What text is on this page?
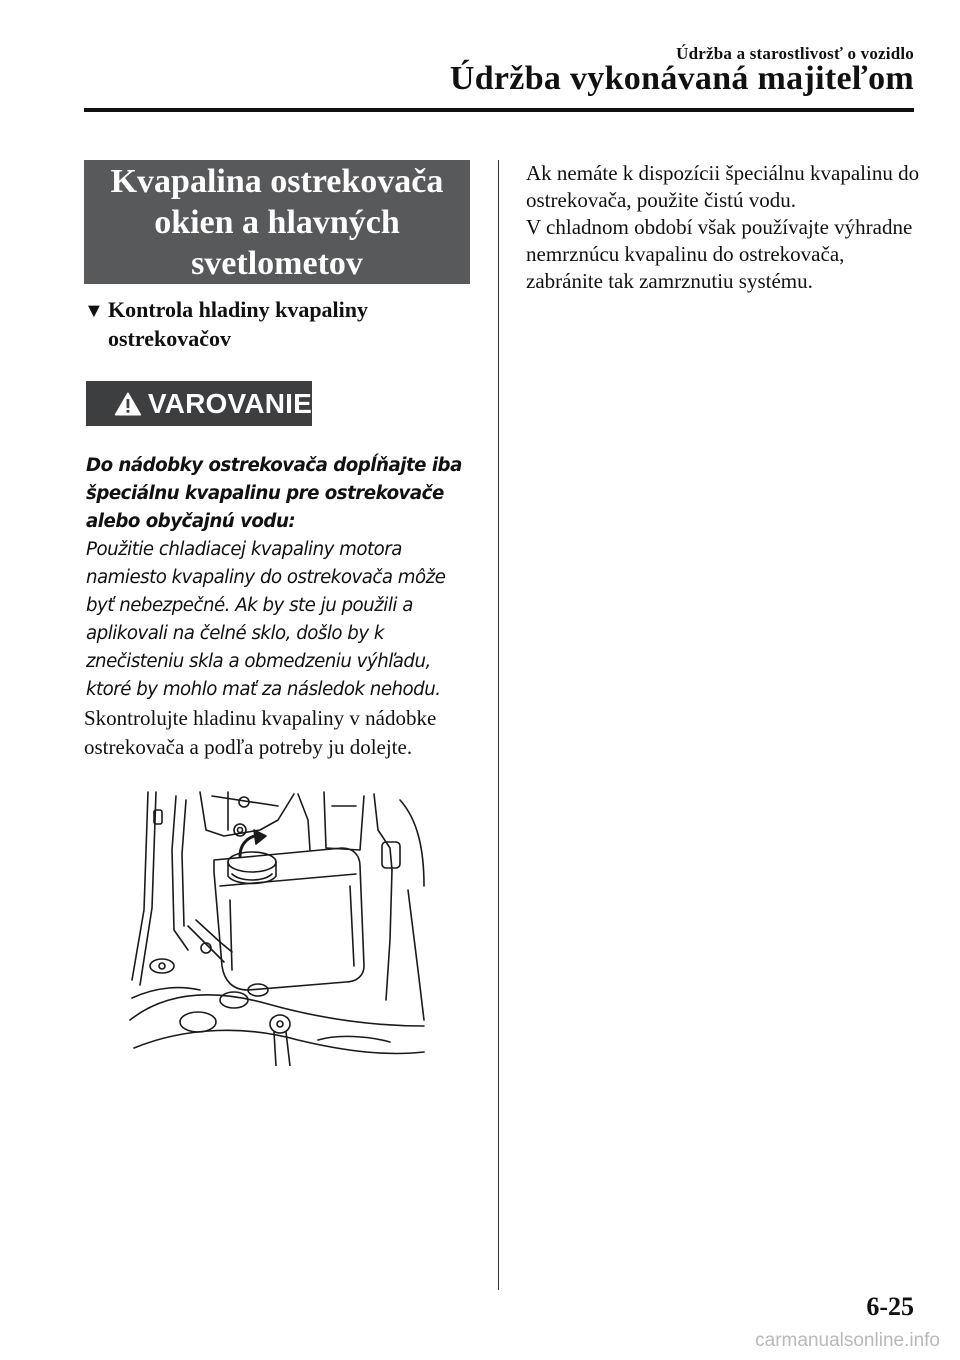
Údržba a starostlivosť o vozidlo
Údržba vykonávaná majiteľom
Kvapalina ostrekovača okien a hlavných svetlometov
▼ Kontrola hladiny kvapaliny
ostrekovačov
VAROVANIE
Do nádobky ostrekovača dopĺňajte iba špeciálnu kvapalinu pre ostrekovače alebo obyčajnú vodu:
Použitie chladiacej kvapaliny motora namiesto kvapaliny do ostrekovača môže byť nebezpečné. Ak by ste ju použili a aplikovali na čelné sklo, došlo by k znečisteniu skla a obmedzeniu výhľadu, ktoré by mohlo mať za následok nehodu.
Skontrolujte hladinu kvapaliny v nádobke ostrekovača a podľa potreby ju dolejte.
Ak nemáte k dispozícii špeciálnu kvapalinu do ostrekovača, použite čistú vodu.
V chladnom období však používajte výhradne nemrznúcu kvapalinu do ostrekovača, zabránite tak zamrznutiu systému.
6-25
carmanualsonline.info
